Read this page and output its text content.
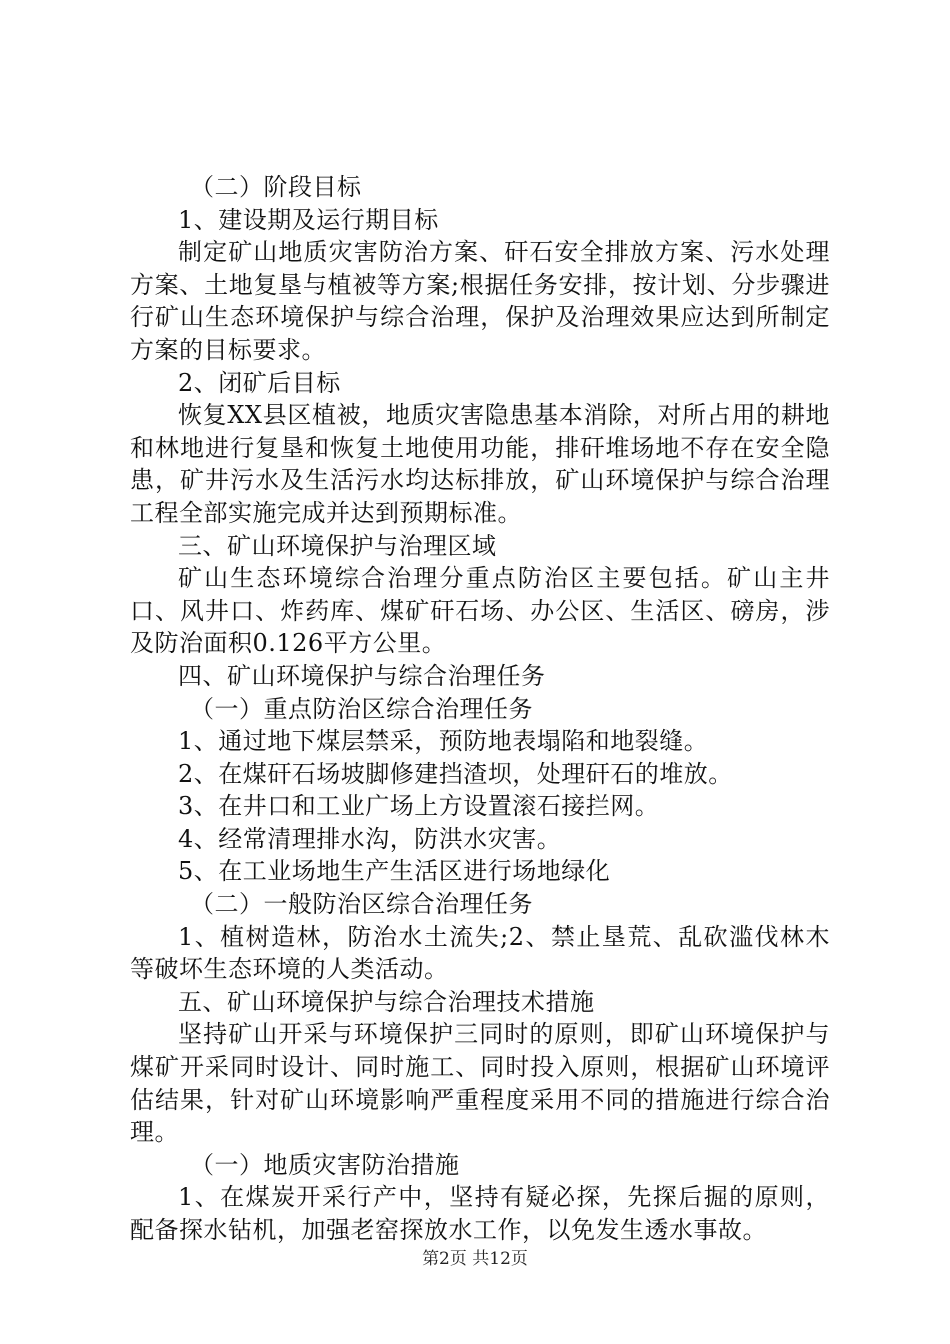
（二）阶段目标

1、建设期及运行期目标

制定矿山地质灾害防治方案、矸石安全排放方案、污水处理方案、土地复垦与植被等方案;根据任务安排，按计划、分步骤进行矿山生态环境保护与综合治理，保护及治理效果应达到所制定方案的目标要求。

2、闭矿后目标

恢复XX县区植被，地质灾害隐患基本消除，对所占用的耕地和林地进行复垦和恢复土地使用功能，排矸堆场地不存在安全隐患，矿井污水及生活污水均达标排放，矿山环境保护与综合治理工程全部实施完成并达到预期标准。

三、矿山环境保护与治理区域

矿山生态环境综合治理分重点防治区主要包括。矿山主井口、风井口、炸药库、煤矿矸石场、办公区、生活区、磅房，涉及防治面积0.126平方公里。

四、矿山环境保护与综合治理任务

（一）重点防治区综合治理任务

1、通过地下煤层禁采，预防地表塌陷和地裂缝。

2、在煤矸石场坡脚修建挡渣坝，处理矸石的堆放。

3、在井口和工业广场上方设置滚石接拦网。

4、经常清理排水沟，防洪水灾害。

5、在工业场地生产生活区进行场地绿化

（二）一般防治区综合治理任务

1、植树造林，防治水土流失;2、禁止垦荒、乱砍滥伐林木等破坏生态环境的人类活动。

五、矿山环境保护与综合治理技术措施

坚持矿山开采与环境保护三同时的原则，即矿山环境保护与煤矿开采同时设计、同时施工、同时投入原则，根据矿山环境评估结果，针对矿山环境影响严重程度采用不同的措施进行综合治理。

（一）地质灾害防治措施

1、在煤炭开采行产中，坚持有疑必探，先探后掘的原则，配备探水钻机，加强老窑探放水工作，以免发生透水事故。

第2页 共12页
